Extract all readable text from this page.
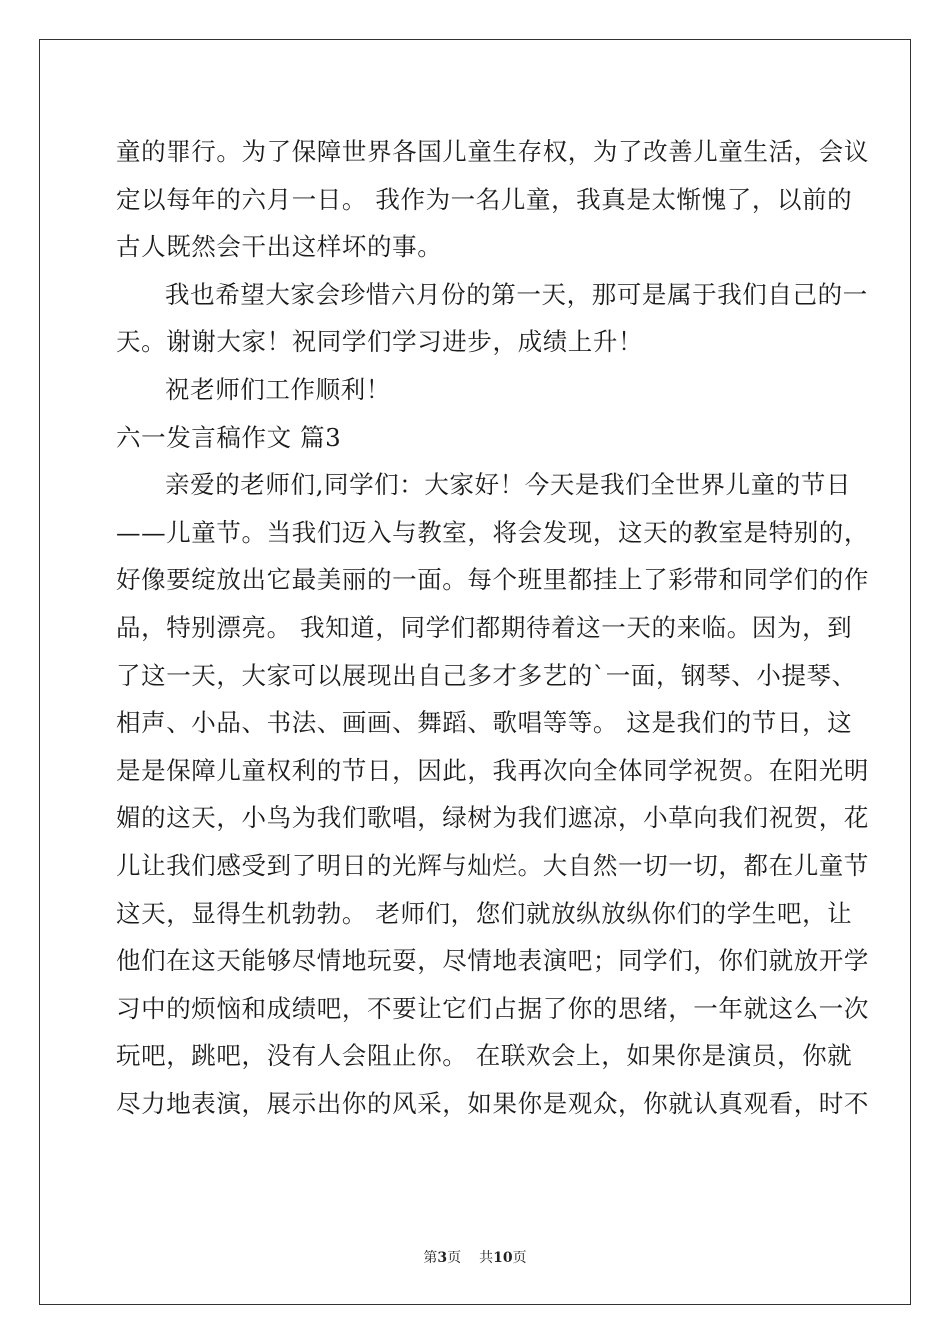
童的罪行。为了保障世界各国儿童生存权，为了改善儿童生活，会议
定以每年的六月一日。 我作为一名儿童，我真是太惭愧了，以前的
古人既然会干出这样坏的事。
我也希望大家会珍惜六月份的第一天，那可是属于我们自己的一
天。谢谢大家！祝同学们学习进步，成绩上升！
祝老师们工作顺利！
六一发言稿作文 篇3
亲爱的老师们,同学们：大家好！今天是我们全世界儿童的节日
——儿童节。当我们迈入与教室，将会发现，这天的教室是特别的，
好像要绽放出它最美丽的一面。每个班里都挂上了彩带和同学们的作
品，特别漂亮。 我知道，同学们都期待着这一天的来临。因为，到
了这一天，大家可以展现出自己多才多艺的`一面，钢琴、小提琴、
相声、小品、书法、画画、舞蹈、歌唱等等。 这是我们的节日，这
是是保障儿童权利的节日，因此，我再次向全体同学祝贺。在阳光明
媚的这天，小鸟为我们歌唱，绿树为我们遮凉，小草向我们祝贺，花
儿让我们感受到了明日的光辉与灿烂。大自然一切一切，都在儿童节
这天，显得生机勃勃。 老师们，您们就放纵放纵你们的学生吧，让
他们在这天能够尽情地玩耍，尽情地表演吧；同学们，你们就放开学
习中的烦恼和成绩吧，不要让它们占据了你的思绪，一年就这么一次
玩吧，跳吧，没有人会阻止你。 在联欢会上，如果你是演员，你就
尽力地表演，展示出你的风采，如果你是观众，你就认真观看，时不
第3页 共10页
